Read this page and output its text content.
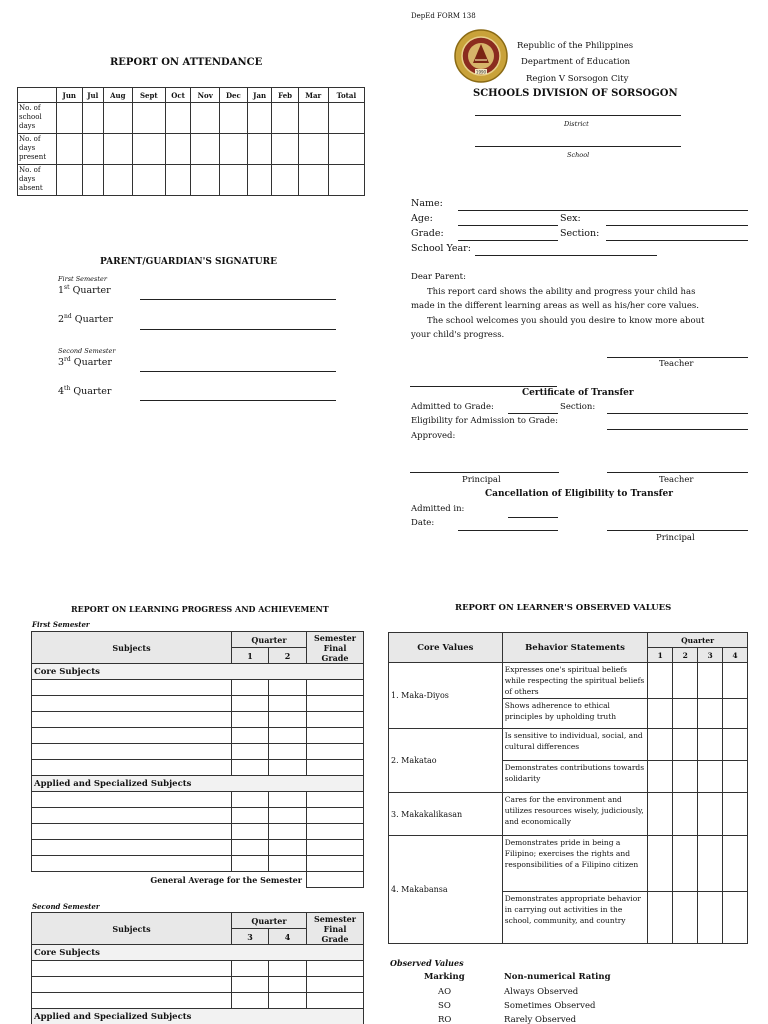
REPORT ON ATTENDANCE
	Jun	Jul	Aug	Sept	Oct	Nov	Dec	Jan	Feb	Mar	Total
No. of school days											
No. of days present											
No. of days absent											
PARENT/GUARDIAN'S SIGNATURE
First Semester
1st Quarter
2nd Quarter
Second Semester
3rd Quarter
4th Quarter
DepEd FORM 138
1990
Republic of the Philippines
Department of Education
Region V Sorsogon City
SCHOOLS DIVISION OF SORSOGON
District
School
Name:
Age:	Sex:
Grade:	Section:
School Year:
Dear Parent:
This report card shows the ability and progress your child has
made in the different learning areas as well as his/her core values.
The school welcomes you should you desire to know more about
your child's progress.
Teacher
Certificate of Transfer
Admitted to Grade:	Section:
Eligibility for Admission to Grade:
Approved:
Principal	Teacher
Cancellation of Eligibility to Transfer
Admitted in:
Date:
Principal
REPORT ON LEARNING PROGRESS AND ACHIEVEMENT
First Semester
Subjects	Quarter		Semester
Final Grade
	1	2	
Core Subjects			

Applied and Specialized Subjects			

General Average for the Semester			
Second Semester
Subjects	Quarter		Semester
Final Grade
	3	4	
Core Subjects			

Applied and Specialized Subjects			

REPORT ON LEARNER'S OBSERVED VALUES
Core Values	Behavior Statements	Quarter			
		1	2	3	4
1. Maka-Diyos	Expresses one's spiritual beliefs while respecting the spiritual beliefs of others				
	Shows adherence to ethical principles by upholding truth				
2. Makatao	Is sensitive to individual, social, and cultural differences				
	Demonstrates contributions towards solidarity				
3. Makakalikasan	Cares for the environment and utilizes resources wisely, judiciously, and economically				
4. Makabansa	Demonstrates pride in being a Filipino; exercises the rights and responsibilities of a Filipino citizen				
	Demonstrates appropriate behavior in carrying out activities in the school, community, and country				
Observed Values
Marking	Non-numerical Rating
AO	Always Observed
SO	Sometimes Observed
RO	Rarely Observed
